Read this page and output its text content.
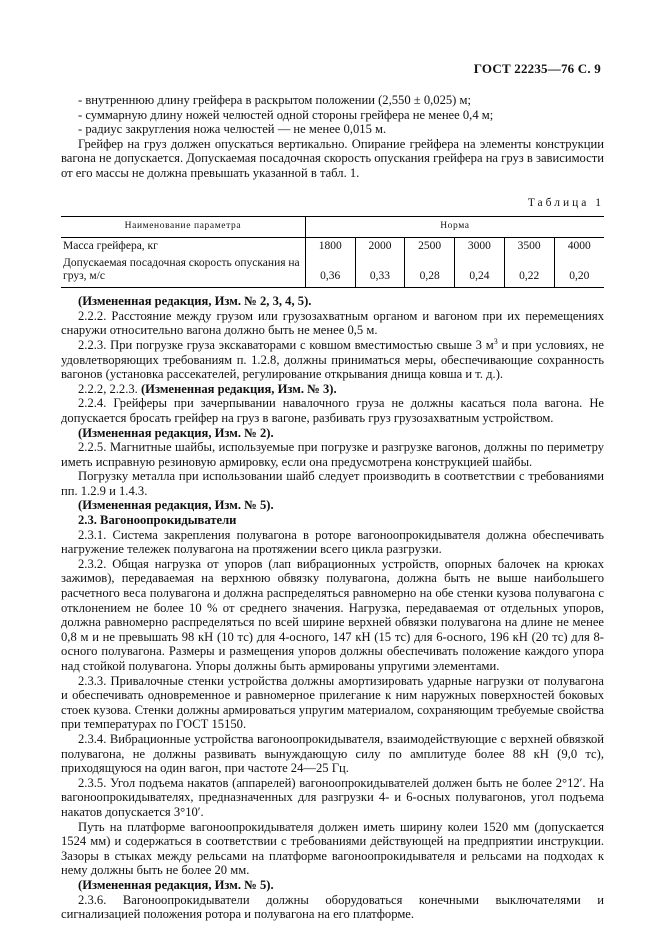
ГОСТ 22235—76 С. 9
- внутреннюю длину грейфера в раскрытом положении (2,550 ± 0,025) м;
- суммарную длину ножей челюстей одной стороны грейфера не менее 0,4 м;
- радиус закругления ножа челюстей — не менее 0,015 м.
Грейфер на груз должен опускаться вертикально. Опирание грейфера на элементы конструкции вагона не допускается. Допускаемая посадочная скорость опускания грейфера на груз в зависимости от его массы не должна превышать указанной в табл. 1.
Таблица 1
Наименование параметра	Норма					
Масса грейфера, кг	1800	2000	2500	3000	3500	4000
Допускаемая посадочная скорость опускания на груз, м/с	0,36	0,33	0,28	0,24	0,22	0,20
(Измененная редакция, Изм. № 2, 3, 4, 5).
2.2.2. Расстояние между грузом или грузозахватным органом и вагоном при их перемещениях снаружи относительно вагона должно быть не менее 0,5 м.
2.2.3. При погрузке груза экскаваторами с ковшом вместимостью свыше 3 $м^3$ и при условиях, не удовлетворяющих требованиям п. 1.2.8, должны приниматься меры, обеспечивающие сохранность вагонов (установка рассекателей, регулирование открывания днища ковша и т. д.).
2.2.2, 2.2.3. (Измененная редакция, Изм. № 3).
2.2.4. Грейферы при зачерпывании навалочного груза не должны касаться пола вагона. Не допускается бросать грейфер на груз в вагоне, разбивать груз грузозахватным устройством.
(Измененная редакция, Изм. № 2).
2.2.5. Магнитные шайбы, используемые при погрузке и разгрузке вагонов, должны по периметру иметь исправную резиновую армировку, если она предусмотрена конструкцией шайбы.
Погрузку металла при использовании шайб следует производить в соответствии с требованиями пп. 1.2.9 и 1.4.3.
(Измененная редакция, Изм. № 5).
2.3. Вагоноопрокидыватели
2.3.1. Система закрепления полувагона в роторе вагоноопрокидывателя должна обеспечивать нагружение тележек полувагона на протяжении всего цикла разгрузки.
2.3.2. Общая нагрузка от упоров (лап вибрационных устройств, опорных балочек на крюках зажимов), передаваемая на верхнюю обвязку полувагона, должна быть не выше наибольшего расчетного веса полувагона и должна распределяться равномерно на обе стенки кузова полувагона с отклонением не более 10 % от среднего значения. Нагрузка, передаваемая от отдельных упоров, должна равномерно распределяться по всей ширине верхней обвязки полувагона на длине не менее 0,8 м и не превышать 98 кН (10 тс) для 4-осного, 147 кН (15 тс) для 6-осного, 196 кН (20 тс) для 8-осного полувагона. Размеры и размещения упоров должны обеспечивать положение каждого упора над стойкой полувагона. Упоры должны быть армированы упругими элементами.
2.3.3. Привалочные стенки устройства должны амортизировать ударные нагрузки от полувагона и обеспечивать одновременное и равномерное прилегание к ним наружных поверхностей боковых стоек кузова. Стенки должны армироваться упругим материалом, сохраняющим требуемые свойства при температурах по ГОСТ 15150.
2.3.4. Вибрационные устройства вагоноопрокидывателя, взаимодействующие с верхней обвязкой полувагона, не должны развивать вынуждающую силу по амплитуде более 88 кН (9,0 тс), приходящуюся на один вагон, при частоте 24—25 Гц.
2.3.5. Угол подъема накатов (аппарелей) вагоноопрокидывателей должен быть не более 2°12′. На вагоноопрокидывателях, предназначенных для разгрузки 4- и 6-осных полувагонов, угол подъема накатов допускается 3°10′.
Путь на платформе вагоноопрокидывателя должен иметь ширину колеи 1520 мм (допускается 1524 мм) и содержаться в соответствии с требованиями действующей на предприятии инструкции. Зазоры в стыках между рельсами на платформе вагоноопрокидывателя и рельсами на подходах к нему должны быть не более 20 мм.
(Измененная редакция, Изм. № 5).
2.3.6. Вагоноопрокидыватели должны оборудоваться конечными выключателями и сигнализацией положения ротора и полувагона на его платформе.
